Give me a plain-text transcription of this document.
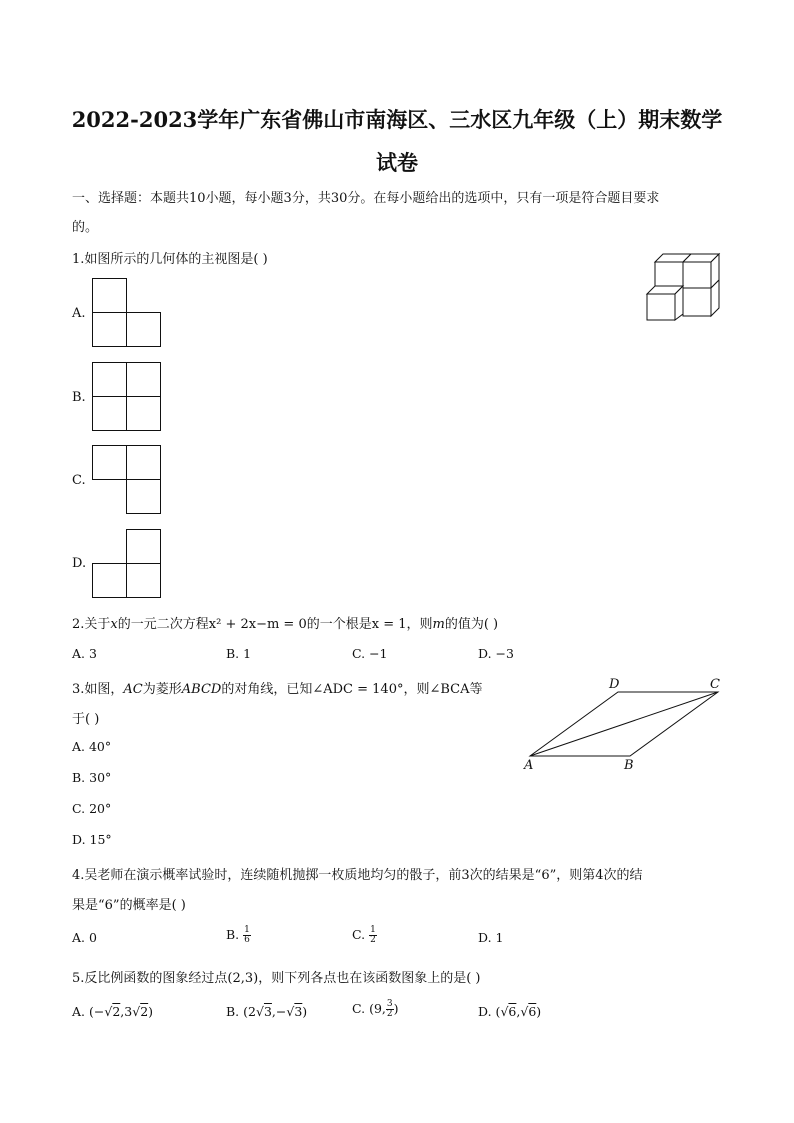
2022-2023学年广东省佛山市南海区、三水区九年级（上）期末数学
试卷
一、选择题：本题共10小题，每小题3分，共30分。在每小题给出的选项中，只有一项是符合题目要求
的。
1.如图所示的几何体的主视图是( )
A.
B.
C.
D.
2.关于x的一元二次方程x² + 2x−m = 0的一个根是x = 1，则m的值为( )
A. 3	B. 1	C. −1	D. −3
3.如图，AC为菱形ABCD的对角线，已知∠ADC = 140°，则∠BCA等
于( )
A. 40°
B. 30°
C. 20°
D. 15°
A	B
C
D
4.吴老师在演示概率试验时，连续随机抛掷一枚质地均匀的骰子，前3次的结果是“6”，则第4次的结
果是“6”的概率是( )
A. 0	B. $\frac{1}{6}$	C. $\frac{1}{2}$	D. 1
5.反比例函数的图象经过点(2,3)，则下列各点也在该函数图象上的是( )
A. (−√2,3√2)	B. (2√3,−√3)	C. (9, $\frac{3}{2}$ )	D. (√6,√6)
